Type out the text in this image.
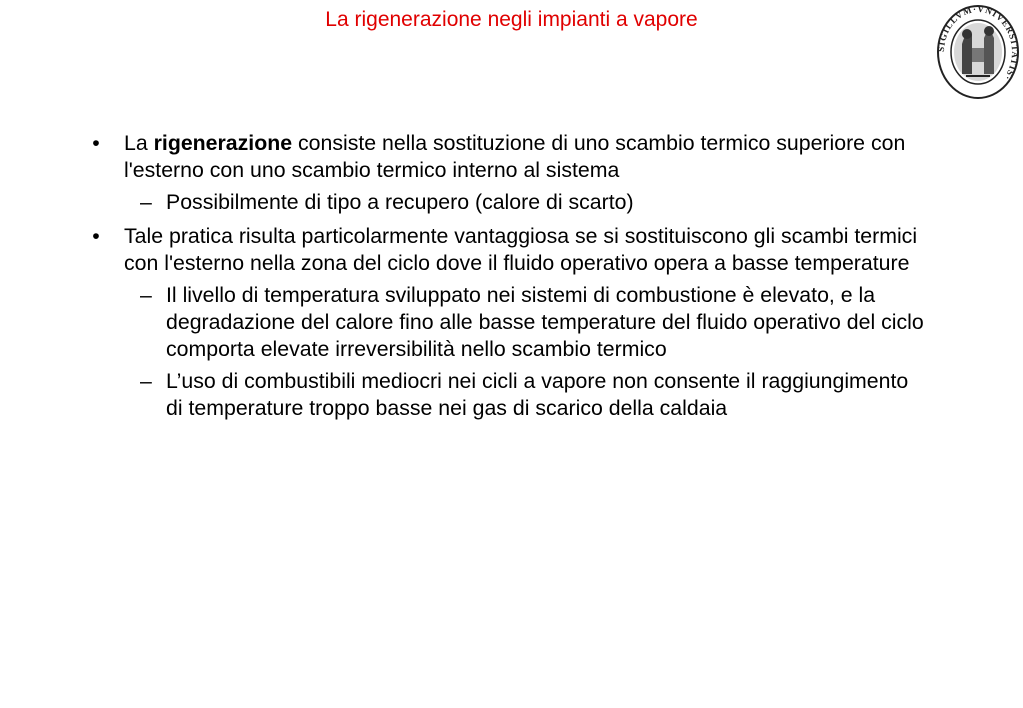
La rigenerazione negli impianti a vapore
SIGILLVM·VNIVERSITATIS·
• La rigenerazione consiste nella sostituzione di uno scambio termico superiore con l'esterno con uno scambio termico interno al sistema
– Possibilmente di tipo a recupero (calore di scarto)
• Tale pratica risulta particolarmente vantaggiosa se si sostituiscono gli scambi termici con l'esterno nella zona del ciclo dove il fluido operativo opera a basse temperature
– Il livello di temperatura sviluppato nei sistemi di combustione è elevato, e la degradazione del calore fino alle basse temperature del fluido operativo del ciclo comporta elevate irreversibilità nello scambio termico
– L’uso di combustibili mediocri nei cicli a vapore non consente il raggiungimento di temperature troppo basse nei gas di scarico della caldaia
